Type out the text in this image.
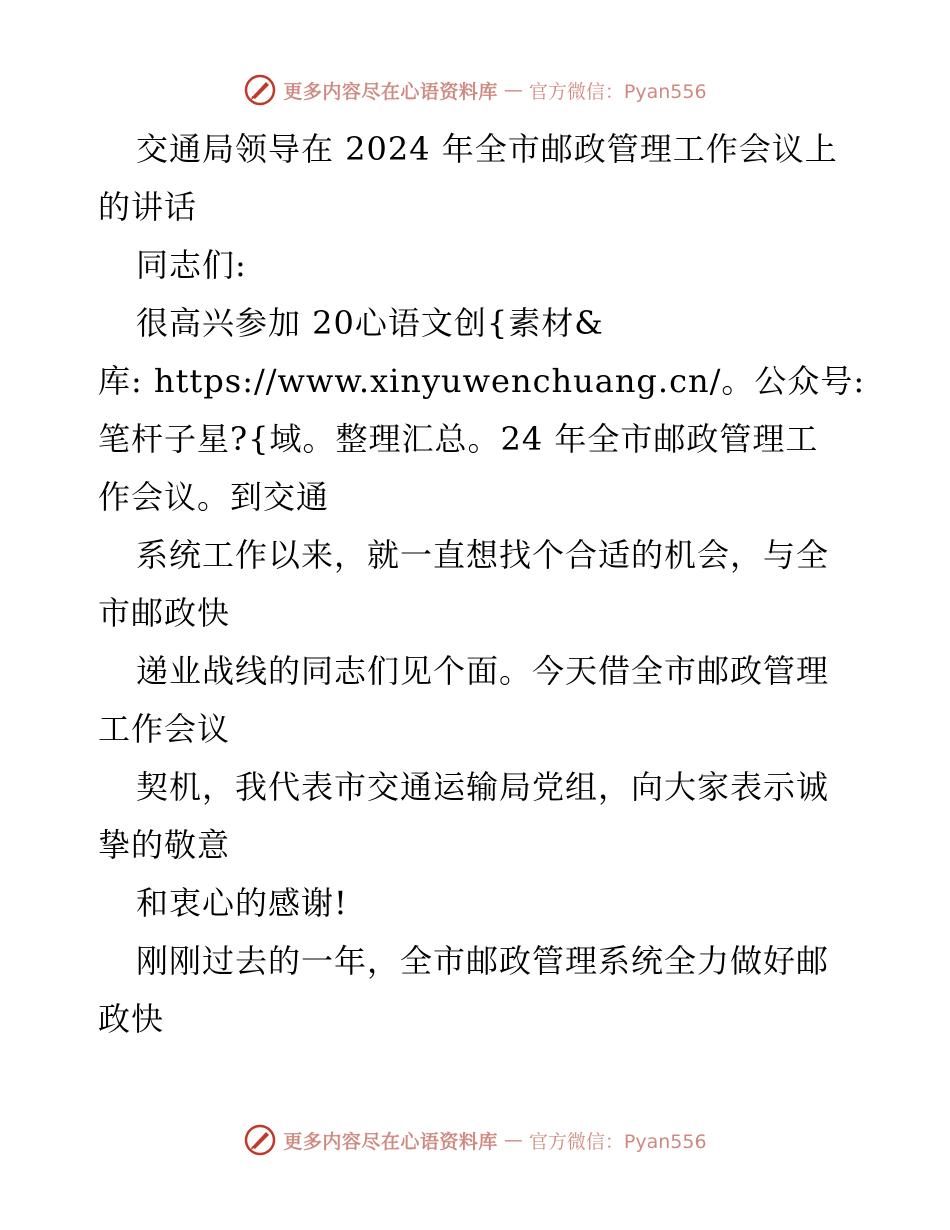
更多内容尽在心语资料库 — 官方微信：Pyan556
交通局领导在 2024 年全市邮政管理工作会议上
的讲话
同志们:
很高兴参加 20心语文创{素材&
库: https://www.xinyuwenchuang.cn/。公众号:
笔杆子星?{域。整理汇总。24 年全市邮政管理工
作会议。到交通
系统工作以来，就一直想找个合适的机会，与全
市邮政快
递业战线的同志们见个面。今天借全市邮政管理
工作会议
契机，我代表市交通运输局党组，向大家表示诚
挚的敬意
和衷心的感谢!
刚刚过去的一年，全市邮政管理系统全力做好邮
政快
更多内容尽在心语资料库 — 官方微信：Pyan556
